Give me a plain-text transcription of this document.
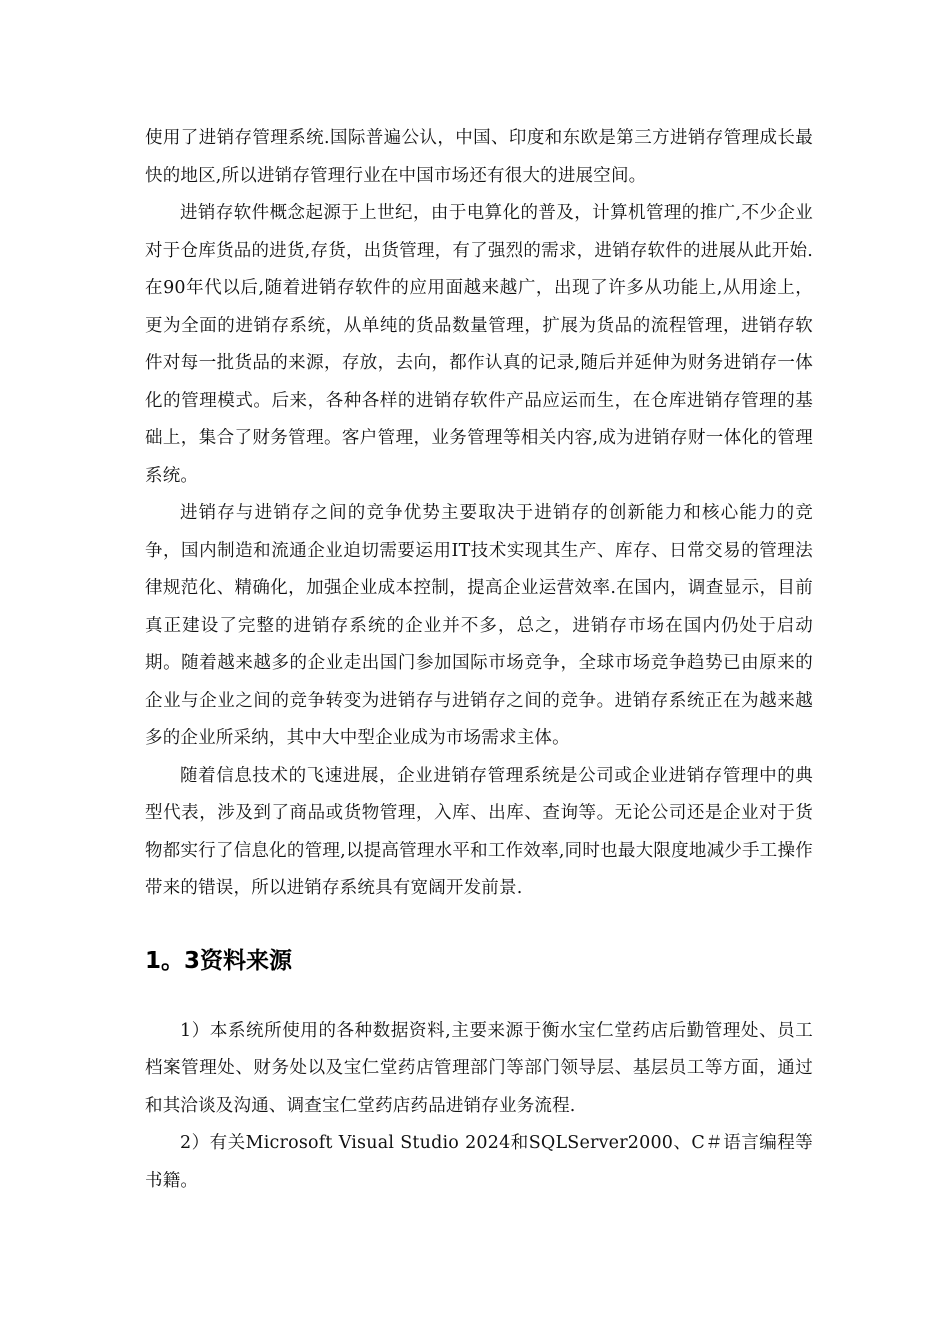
使用了进销存管理系统.国际普遍公认，中国、印度和东欧是第三方进销存管理成长最快的地区,所以进销存管理行业在中国市场还有很大的进展空间。

进销存软件概念起源于上世纪，由于电算化的普及，计算机管理的推广,不少企业对于仓库货品的进货,存货，出货管理，有了强烈的需求，进销存软件的进展从此开始.在90年代以后,随着进销存软件的应用面越来越广，出现了许多从功能上,从用途上，更为全面的进销存系统，从单纯的货品数量管理，扩展为货品的流程管理，进销存软件对每一批货品的来源，存放，去向，都作认真的记录,随后并延伸为财务进销存一体化的管理模式。后来，各种各样的进销存软件产品应运而生，在仓库进销存管理的基础上，集合了财务管理。客户管理，业务管理等相关内容,成为进销存财一体化的管理系统。

进销存与进销存之间的竞争优势主要取决于进销存的创新能力和核心能力的竞争，国内制造和流通企业迫切需要运用IT技术实现其生产、库存、日常交易的管理法律规范化、精确化，加强企业成本控制，提高企业运营效率.在国内，调查显示，目前真正建设了完整的进销存系统的企业并不多，总之，进销存市场在国内仍处于启动期。随着越来越多的企业走出国门参加国际市场竞争，全球市场竞争趋势已由原来的企业与企业之间的竞争转变为进销存与进销存之间的竞争。进销存系统正在为越来越多的企业所采纳，其中大中型企业成为市场需求主体。

随着信息技术的飞速进展，企业进销存管理系统是公司或企业进销存管理中的典型代表，涉及到了商品或货物管理，入库、出库、查询等。无论公司还是企业对于货物都实行了信息化的管理,以提高管理水平和工作效率,同时也最大限度地减少手工操作带来的错误，所以进销存系统具有宽阔开发前景.

1。3资料来源

1）本系统所使用的各种数据资料,主要来源于衡水宝仁堂药店后勤管理处、员工档案管理处、财务处以及宝仁堂药店管理部门等部门领导层、基层员工等方面，通过和其洽谈及沟通、调查宝仁堂药店药品进销存业务流程.

2）有关Microsoft Visual Studio 2024和SQLServer2000、C＃语言编程等书籍。
